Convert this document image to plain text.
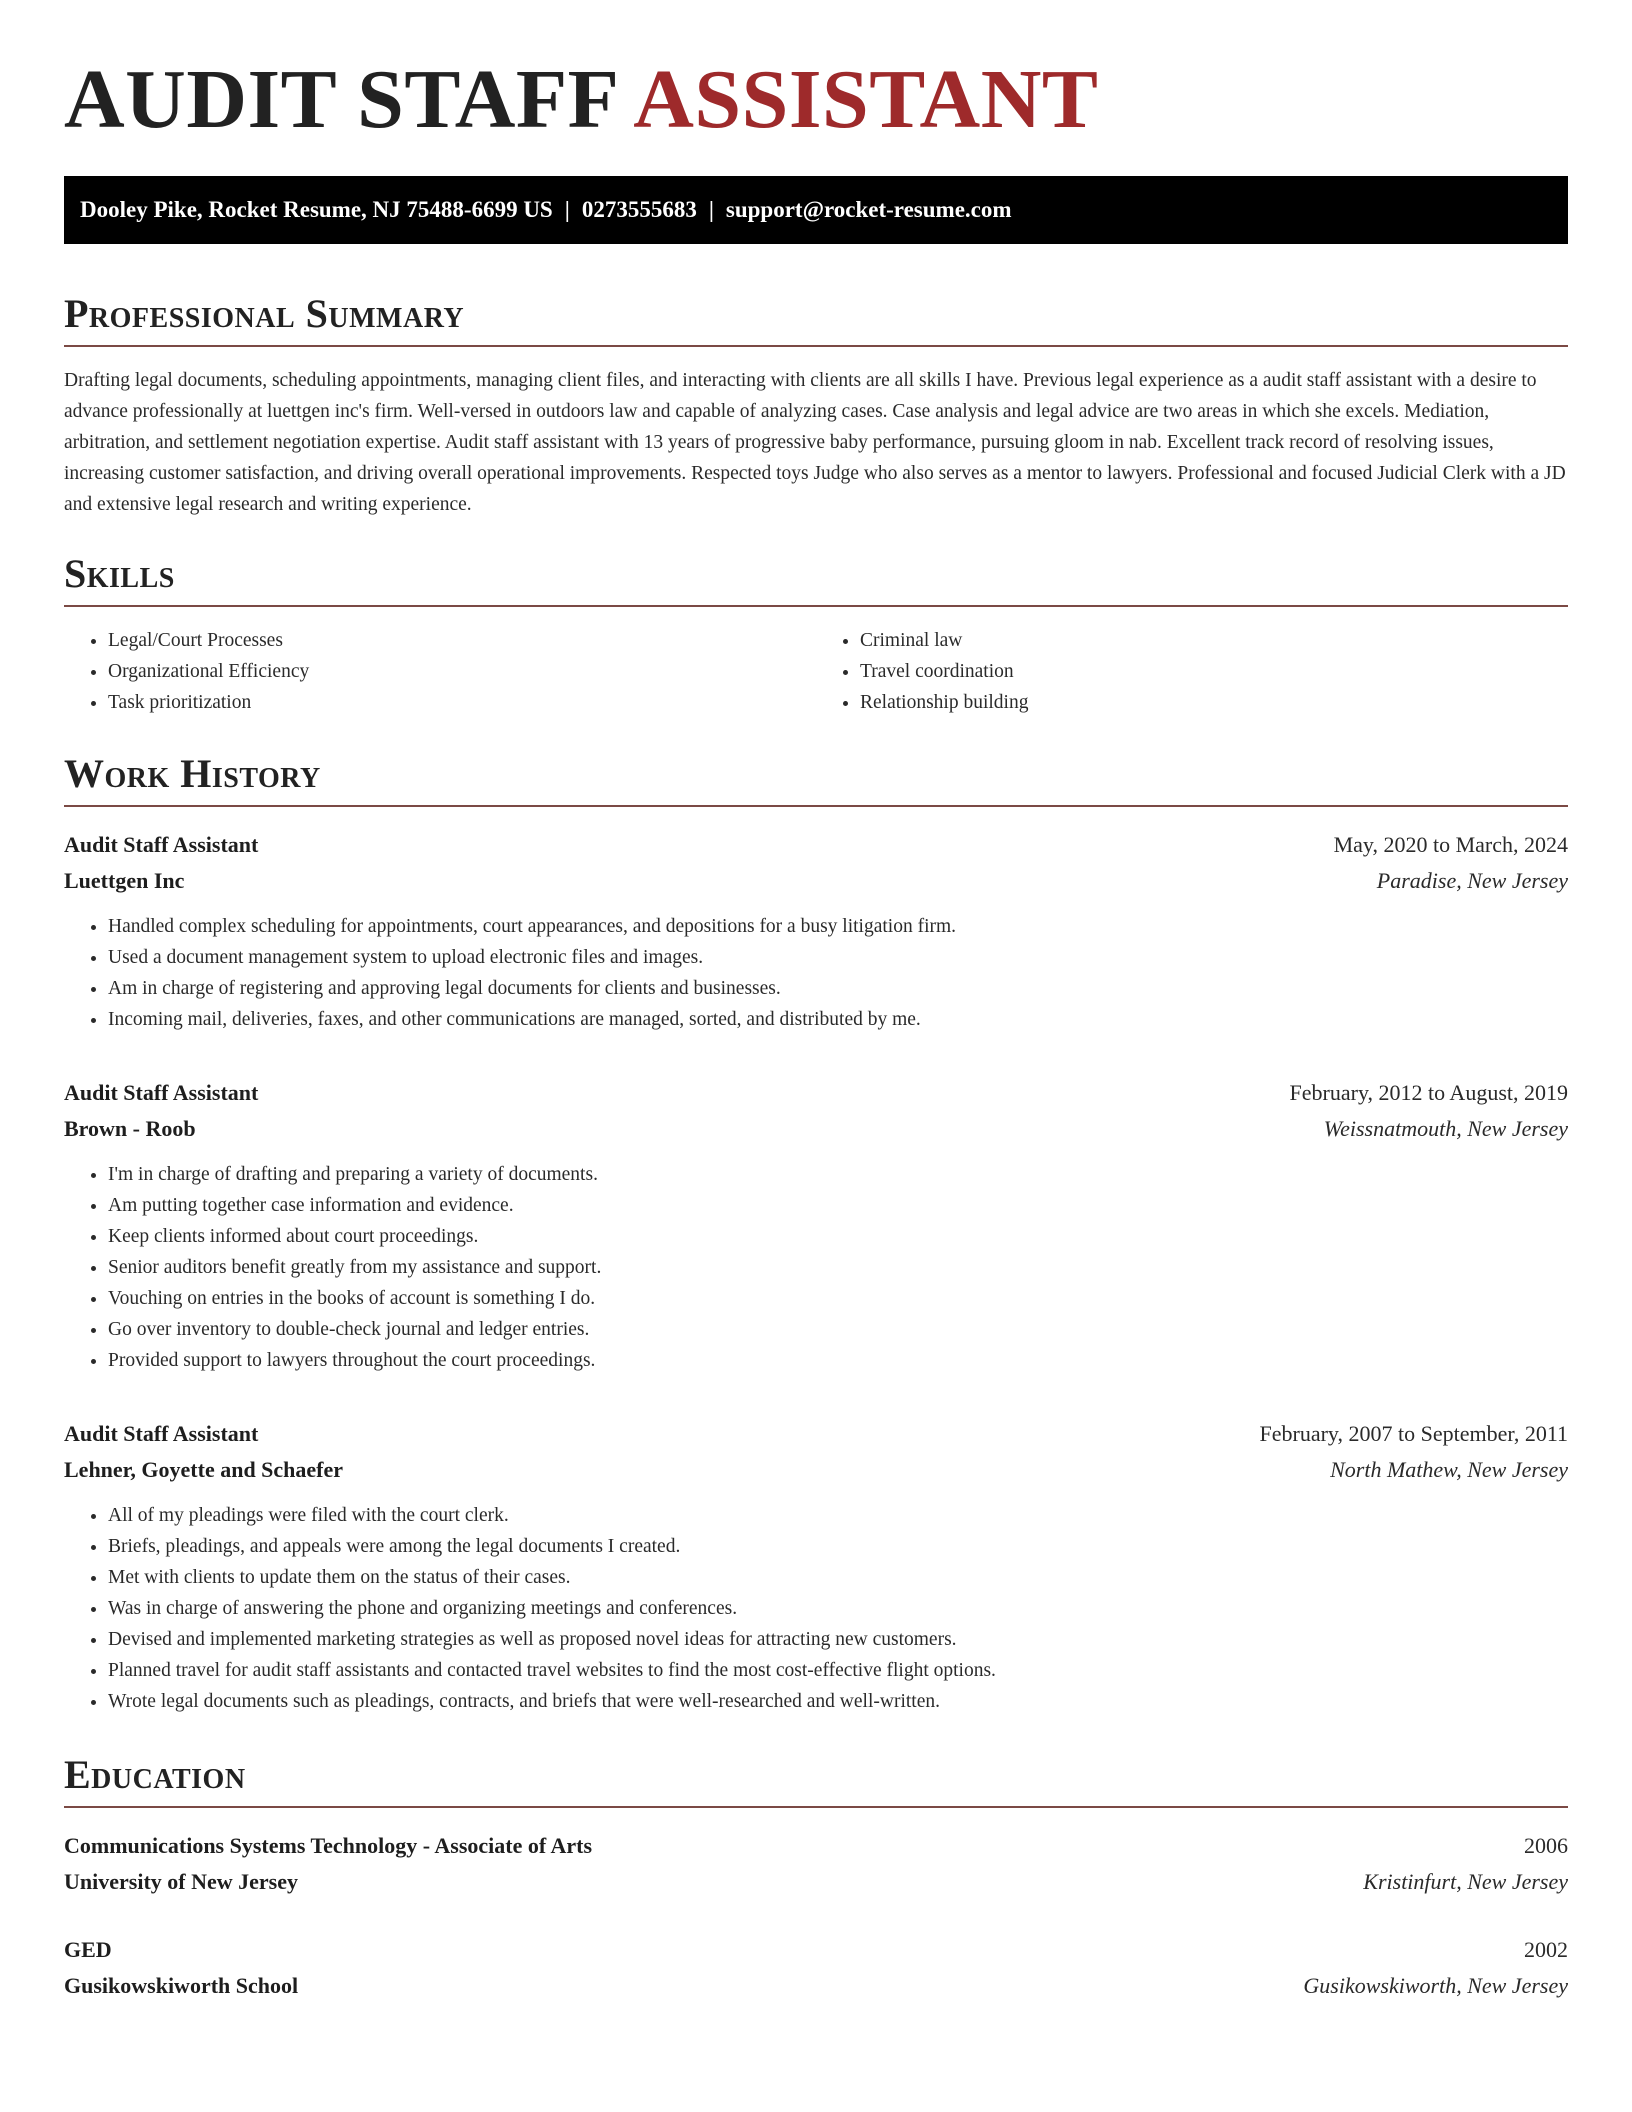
AUDIT STAFF ASSISTANT
Dooley Pike, Rocket Resume, NJ 75488-6699 US | 0273555683 | support@rocket-resume.com
Professional Summary

Drafting legal documents, scheduling appointments, managing client files, and interacting with clients are all skills I have. Previous legal experience as a audit staff assistant with a desire to advance professionally at luettgen inc's firm. Well-versed in outdoors law and capable of analyzing cases. Case analysis and legal advice are two areas in which she excels. Mediation, arbitration, and settlement negotiation expertise. Audit staff assistant with 13 years of progressive baby performance, pursuing gloom in nab. Excellent track record of resolving issues, increasing customer satisfaction, and driving overall operational improvements. Respected toys Judge who also serves as a mentor to lawyers. Professional and focused Judicial Clerk with a JD and extensive legal research and writing experience.

Skills
• Legal/Court Processes
• Organizational Efficiency
• Task prioritization
• Criminal law
• Travel coordination
• Relationship building
Work History
Audit Staff Assistant	May, 2020 to March, 2024
Luettgen Inc	Paradise, New Jersey
• Handled complex scheduling for appointments, court appearances, and depositions for a busy litigation firm.
• Used a document management system to upload electronic files and images.
• Am in charge of registering and approving legal documents for clients and businesses.
• Incoming mail, deliveries, faxes, and other communications are managed, sorted, and distributed by me.
Audit Staff Assistant	February, 2012 to August, 2019
Brown - Roob	Weissnatmouth, New Jersey
• I'm in charge of drafting and preparing a variety of documents.
• Am putting together case information and evidence.
• Keep clients informed about court proceedings.
• Senior auditors benefit greatly from my assistance and support.
• Vouching on entries in the books of account is something I do.
• Go over inventory to double-check journal and ledger entries.
• Provided support to lawyers throughout the court proceedings.
Audit Staff Assistant	February, 2007 to September, 2011
Lehner, Goyette and Schaefer	North Mathew, New Jersey
• All of my pleadings were filed with the court clerk.
• Briefs, pleadings, and appeals were among the legal documents I created.
• Met with clients to update them on the status of their cases.
• Was in charge of answering the phone and organizing meetings and conferences.
• Devised and implemented marketing strategies as well as proposed novel ideas for attracting new customers.
• Planned travel for audit staff assistants and contacted travel websites to find the most cost-effective flight options.
• Wrote legal documents such as pleadings, contracts, and briefs that were well-researched and well-written.
Education
Communications Systems Technology - Associate of Arts	2006
University of New Jersey	Kristinfurt, New Jersey
GED	2002
Gusikowskiworth School	Gusikowskiworth, New Jersey
